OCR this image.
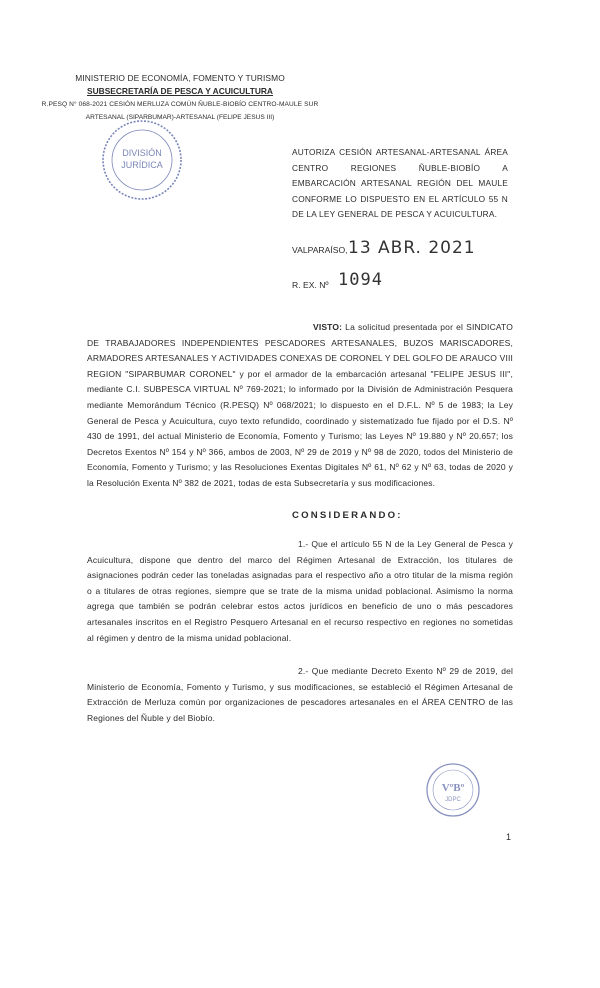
MINISTERIO DE ECONOMÍA, FOMENTO Y TURISMO
SUBSECRETARÍA DE PESCA Y ACUICULTURA
R.PESQ N° 068-2021 CESIÓN MERLUZA COMÚN ÑUBLE-BIOBÍO CENTRO-MAULE SUR
ARTESANAL (SIPARBUMAR)-ARTESANAL (FELIPE JESUS III)
DIVISIÓN
JURÍDICA
AUTORIZA CESIÓN ARTESANAL-ARTESANAL ÁREA CENTRO REGIONES ÑUBLE-BIOBÍO A EMBARCACIÓN ARTESANAL REGIÓN DEL MAULE CONFORME LO DISPUESTO EN EL ARTÍCULO 55 N DE LA LEY GENERAL DE PESCA Y ACUICULTURA.
VALPARAÍSO, 13 ABR. 2021
R. EX. Nº 1094
VISTO: La solicitud presentada por el SINDICATO DE TRABAJADORES INDEPENDIENTES PESCADORES ARTESANALES, BUZOS MARISCADORES, ARMADORES ARTESANALES Y ACTIVIDADES CONEXAS DE CORONEL Y DEL GOLFO DE ARAUCO VIII REGION "SIPARBUMAR CORONEL" y por el armador de la embarcación artesanal "FELIPE JESUS III", mediante C.I. SUBPESCA VIRTUAL Nº 769-2021; lo informado por la División de Administración Pesquera mediante Memorándum Técnico (R.PESQ) Nº 068/2021; lo dispuesto en el D.F.L. Nº 5 de 1983; la Ley General de Pesca y Acuicultura, cuyo texto refundido, coordinado y sistematizado fue fijado por el D.S. Nº 430 de 1991, del actual Ministerio de Economía, Fomento y Turismo; las Leyes Nº 19.880 y Nº 20.657; los Decretos Exentos Nº 154 y Nº 366, ambos de 2003, Nº 29 de 2019 y Nº 98 de 2020, todos del Ministerio de Economía, Fomento y Turismo; y las Resoluciones Exentas Digitales Nº 61, Nº 62 y Nº 63, todas de 2020 y la Resolución Exenta Nº 382 de 2021, todas de esta Subsecretaría y sus modificaciones.
CONSIDERANDO:
1.- Que el artículo 55 N de la Ley General de Pesca y Acuicultura, dispone que dentro del marco del Régimen Artesanal de Extracción, los titulares de asignaciones podrán ceder las toneladas asignadas para el respectivo año a otro titular de la misma región o a titulares de otras regiones, siempre que se trate de la misma unidad poblacional. Asimismo la norma agrega que también se podrán celebrar estos actos jurídicos en beneficio de uno o más pescadores artesanales inscritos en el Registro Pesquero Artesanal en el recurso respectivo en regiones no sometidas al régimen y dentro de la misma unidad poblacional.
2.- Que mediante Decreto Exento Nº 29 de 2019, del Ministerio de Economía, Fomento y Turismo, y sus modificaciones, se estableció el Régimen Artesanal de Extracción de Merluza común por organizaciones de pescadores artesanales en el ÁREA CENTRO de las Regiones del Ñuble y del Biobío.
VºBº
JDPC
1
